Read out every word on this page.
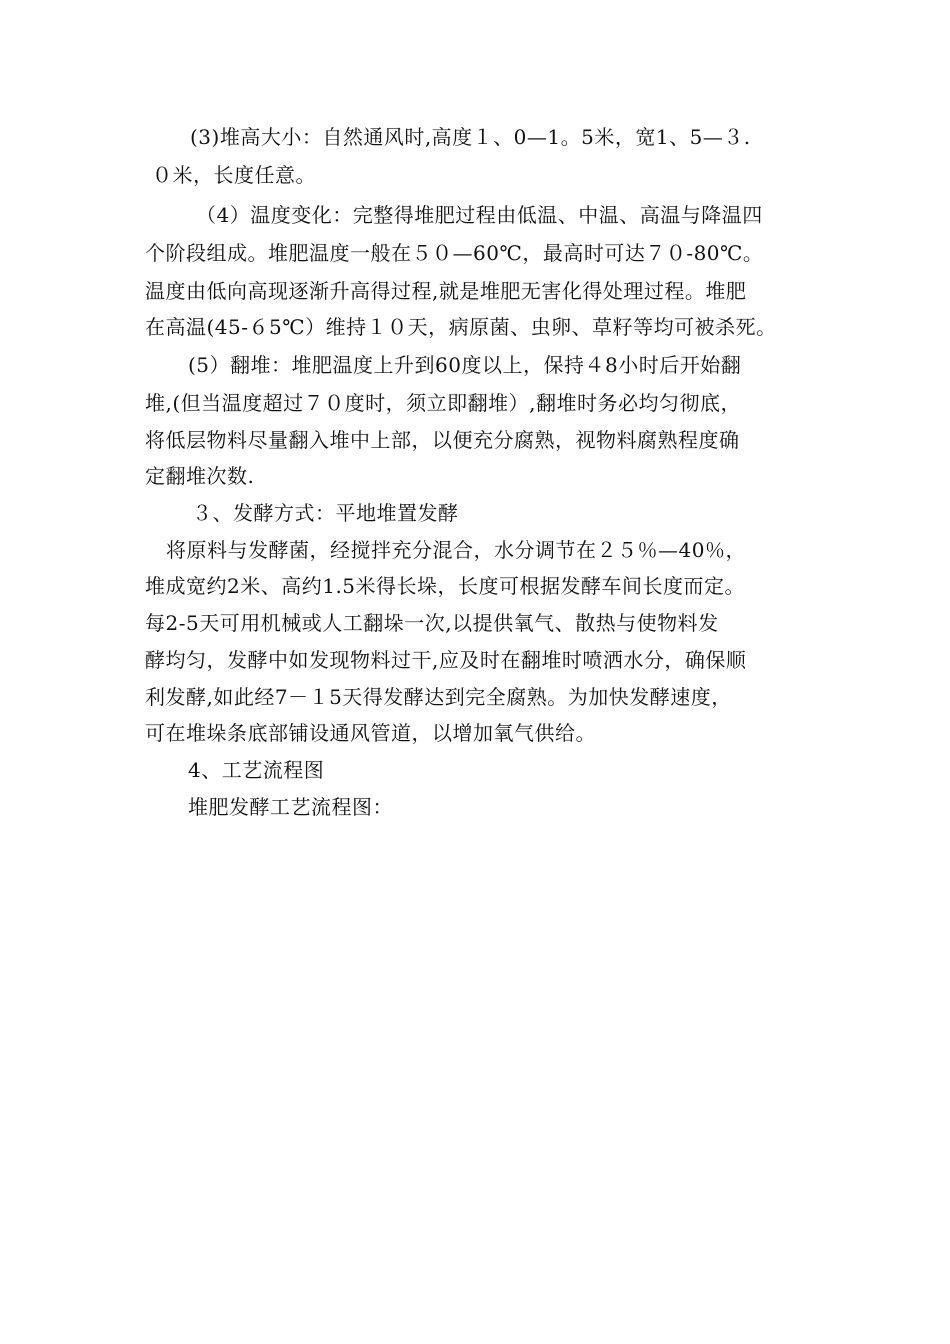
(3)堆高大小：自然通风时,高度１、0—1。5米，宽1、5—３.
０米，长度任意。
（4）温度变化：完整得堆肥过程由低温、中温、高温与降温四
个阶段组成。堆肥温度一般在５０—60℃，最高时可达７０-80℃。
温度由低向高现逐渐升高得过程,就是堆肥无害化得处理过程。堆肥
在高温(45-６5℃）维持１０天，病原菌、虫卵、草籽等均可被杀死。
(5）翻堆：堆肥温度上升到60度以上，保持４8小时后开始翻
堆,(但当温度超过７０度时，须立即翻堆）,翻堆时务必均匀彻底，
将低层物料尽量翻入堆中上部，以便充分腐熟，视物料腐熟程度确
定翻堆次数.
３、发酵方式：平地堆置发酵
将原料与发酵菌，经搅拌充分混合，水分调节在２５％—40％，
堆成宽约2米、高约1.5米得长垛，长度可根据发酵车间长度而定。
每2-5天可用机械或人工翻垛一次,以提供氧气、散热与使物料发
酵均匀，发酵中如发现物料过干,应及时在翻堆时喷洒水分，确保顺
利发酵,如此经7－１5天得发酵达到完全腐熟。为加快发酵速度，
可在堆垛条底部铺设通风管道，以增加氧气供给。
4、工艺流程图
堆肥发酵工艺流程图：
